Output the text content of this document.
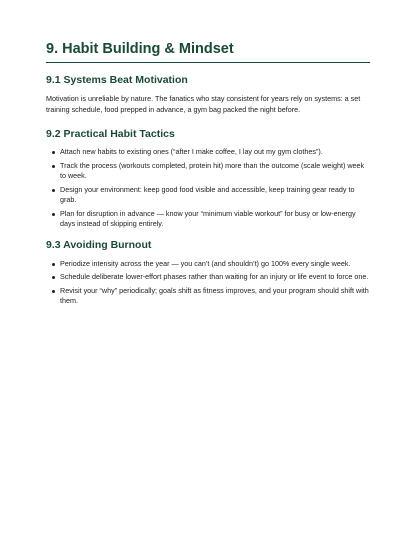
9. Habit Building & Mindset
9.1 Systems Beat Motivation

Motivation is unreliable by nature. The fanatics who stay consistent for years rely on systems: a set training schedule, food prepped in advance, a gym bag packed the night before.

9.2 Practical Habit Tactics
Attach new habits to existing ones (“after I make coffee, I lay out my gym clothes”).
Track the process (workouts completed, protein hit) more than the outcome (scale weight) week to week.
Design your environment: keep good food visible and accessible, keep training gear ready to grab.
Plan for disruption in advance — know your “minimum viable workout” for busy or low-energy days instead of skipping entirely.
9.3 Avoiding Burnout
Periodize intensity across the year — you can’t (and shouldn’t) go 100% every single week.
Schedule deliberate lower-effort phases rather than waiting for an injury or life event to force one.
Revisit your “why” periodically; goals shift as fitness improves, and your program should shift with them.
